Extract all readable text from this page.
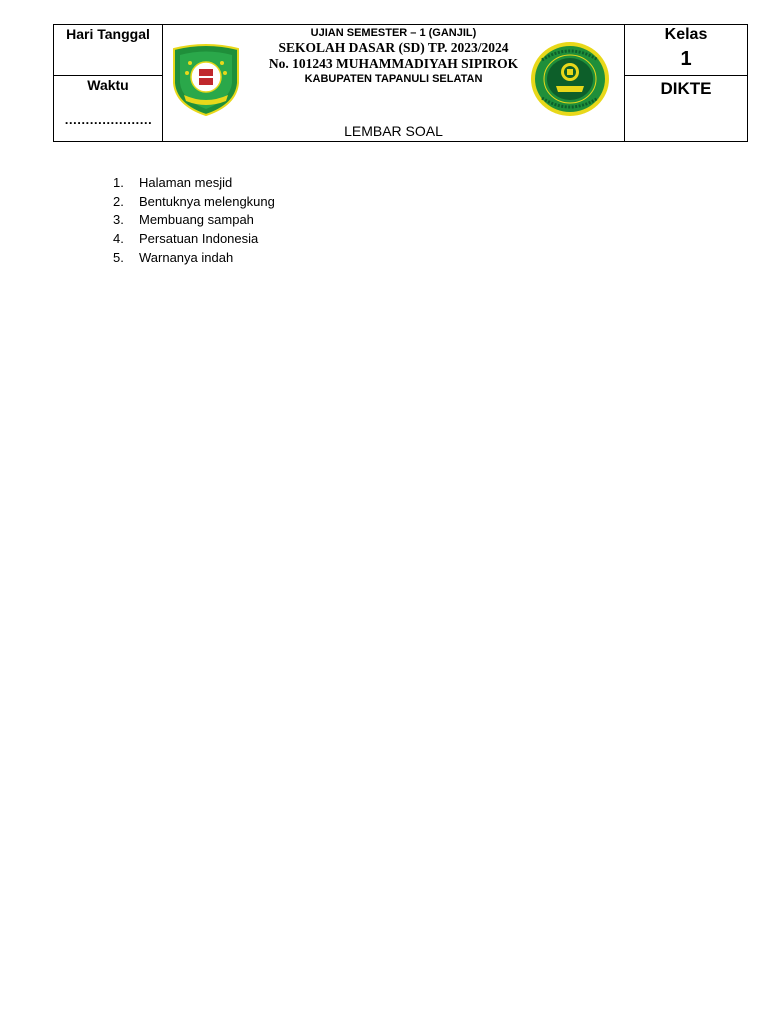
Hari Tanggal
Waktu
…………………
UJIAN SEMESTER – 1 (GANJIL)
SEKOLAH DASAR (SD) TP. 2023/2024
No. 101243 MUHAMMADIYAH SIPIROK
KABUPATEN TAPANULI SELATAN
LEMBAR SOAL
Kelas
1
DIKTE
1. Halaman mesjid
2. Bentuknya melengkung
3. Membuang sampah
4. Persatuan Indonesia
5. Warnanya indah
